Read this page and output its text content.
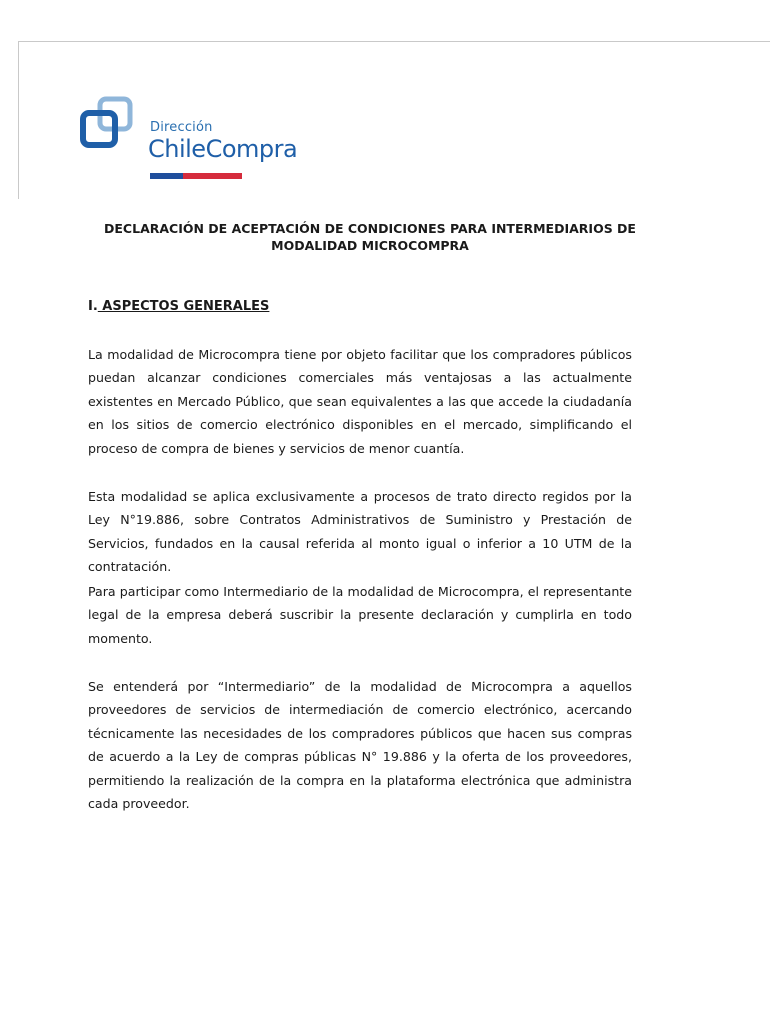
Dirección
ChileCompra
DECLARACIÓN DE ACEPTACIÓN DE CONDICIONES PARA INTERMEDIARIOS DE
MODALIDAD MICROCOMPRA
I. ASPECTOS GENERALES

La modalidad de Microcompra tiene por objeto facilitar que los compradores públicos puedan alcanzar condiciones comerciales más ventajosas a las actualmente existentes en Mercado Público, que sean equivalentes a las que accede la ciudadanía en los sitios de comercio electrónico disponibles en el mercado, simplificando el proceso de compra de bienes y servicios de menor cuantía.

Esta modalidad se aplica exclusivamente a procesos de trato directo regidos por la Ley N°19.886, sobre Contratos Administrativos de Suministro y Prestación de Servicios, fundados en la causal referida al monto igual o inferior a 10 UTM de la contratación.

Para participar como Intermediario de la modalidad de Microcompra, el representante legal de la empresa deberá suscribir la presente declaración y cumplirla en todo momento.

Se entenderá por “Intermediario” de la modalidad de Microcompra a aquellos proveedores de servicios de intermediación de comercio electrónico, acercando técnicamente las necesidades de los compradores públicos que hacen sus compras de acuerdo a la Ley de compras públicas N° 19.886 y la oferta de los proveedores, permitiendo la realización de la compra en la plataforma electrónica que administra cada proveedor.
